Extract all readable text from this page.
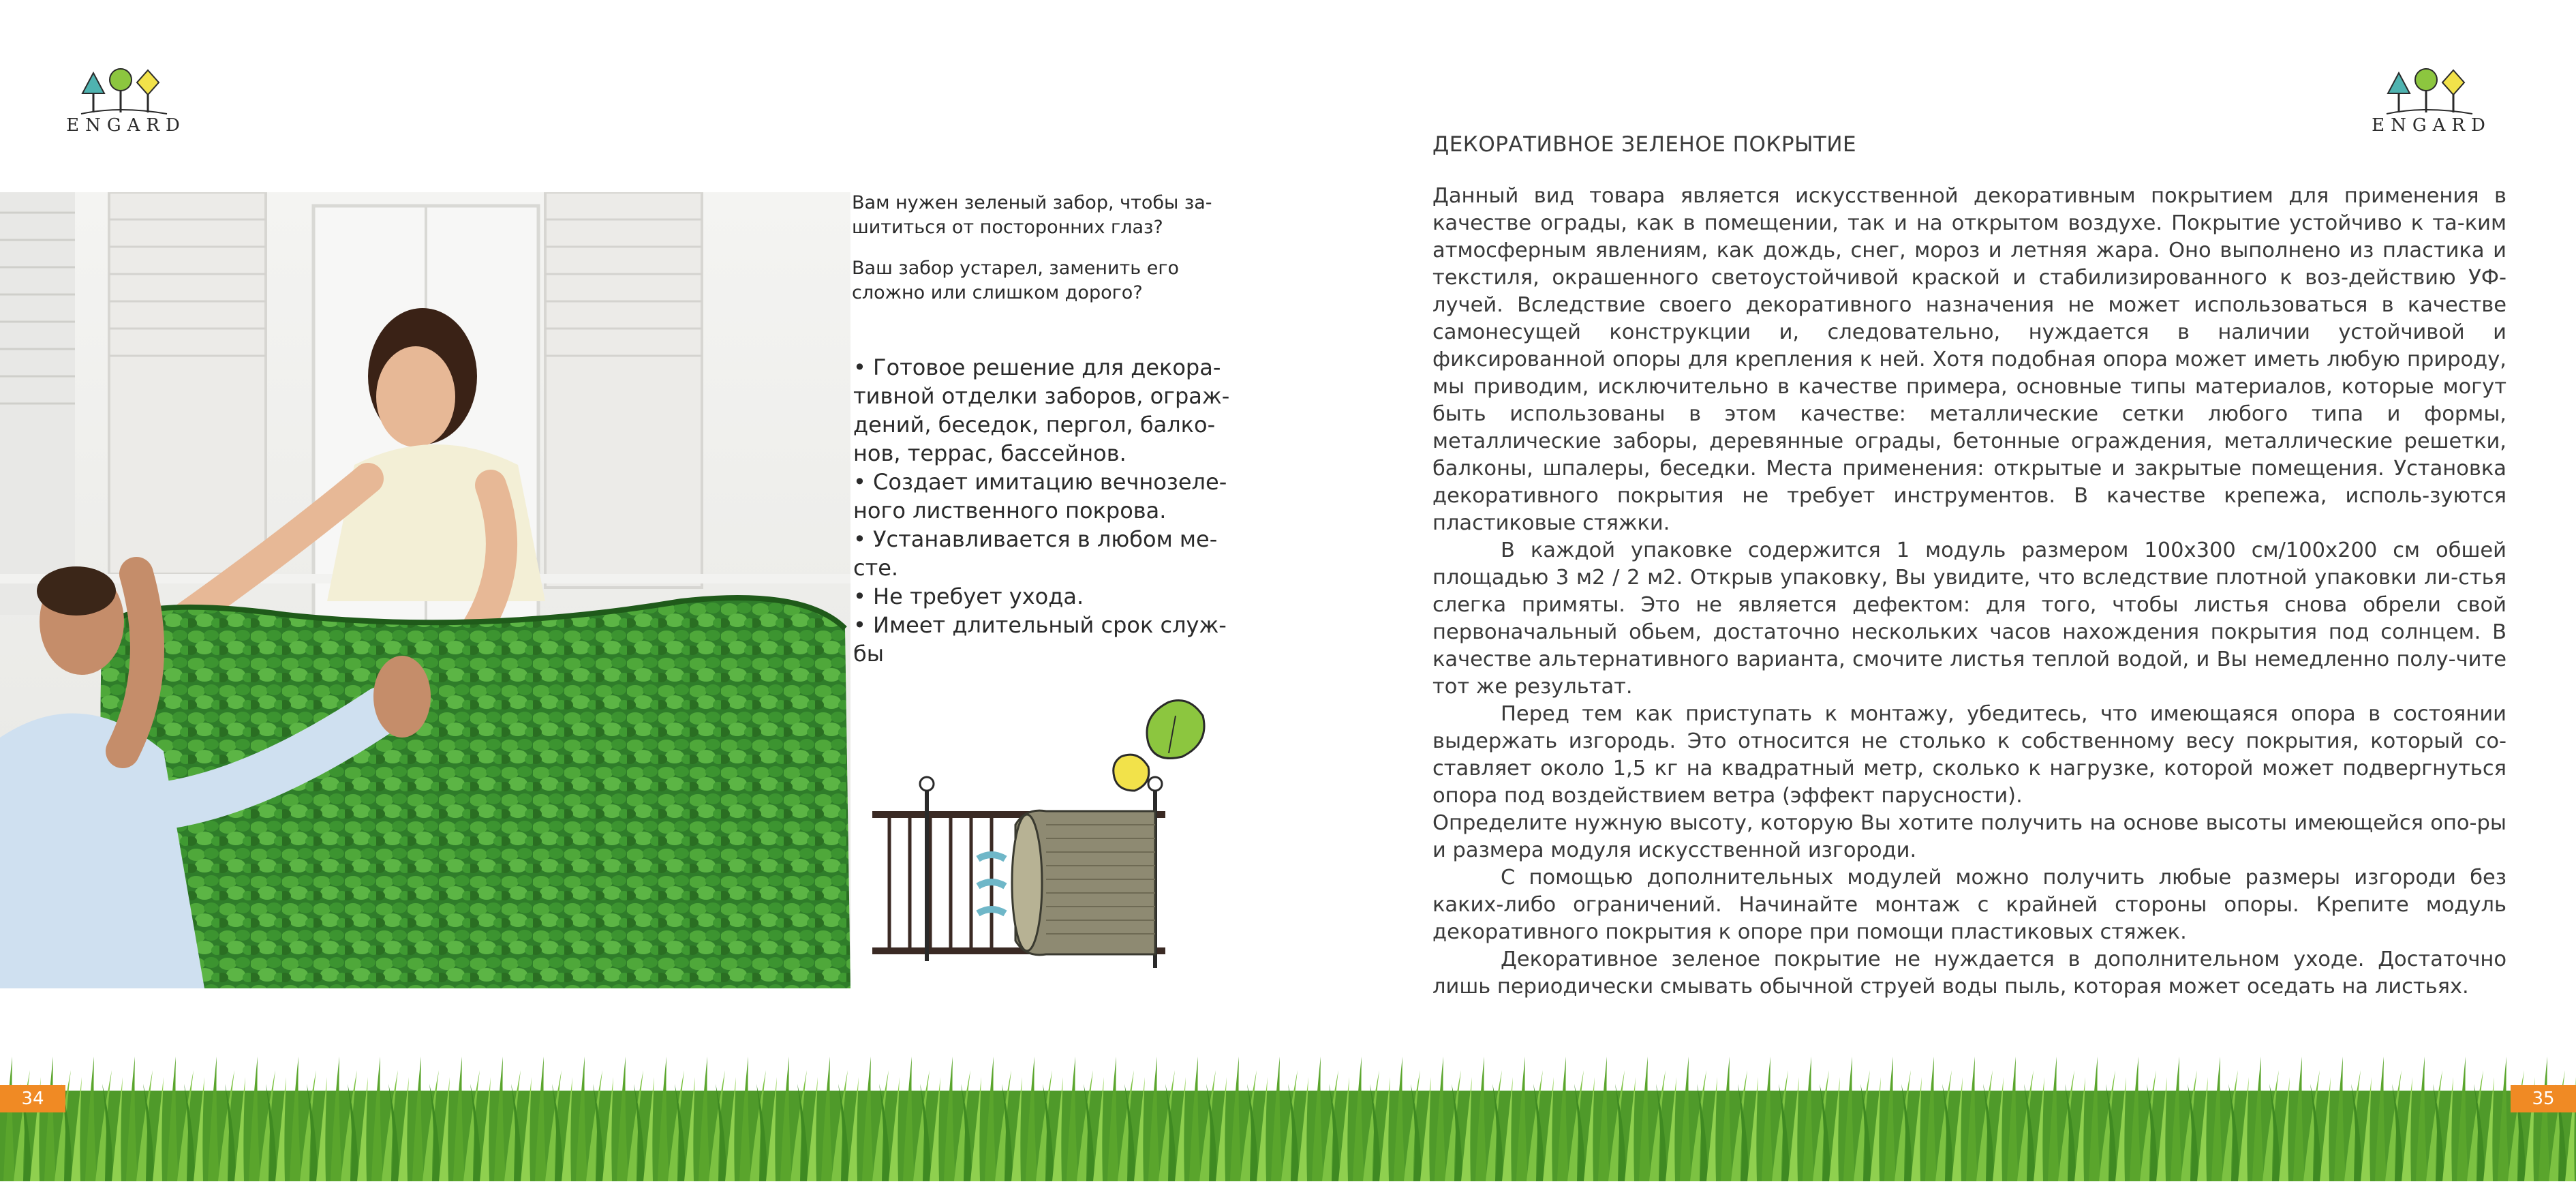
ENGARD	ENGARD
Вам нужен зеленый забор, чтобы за-шититься от посторонних глаз?
Ваш забор устарел, заменить его сложно или слишком дорого?
• Готовое решение для декора-тивной отделки заборов, ограж-дений, беседок, пергол, балко-нов, террас, бассейнов.
• Создает имитацию вечнозеле-ного лиственного покрова.
• Устанавливается в любом ме-сте.
• Не требует ухода.
• Имеет длительный срок служ-бы
ДЕКОРАТИВНОЕ ЗЕЛЕНОЕ ПОКРЫТИЕ

Данный вид товара является искусственной декоративным покрытием для применения в качестве ограды, как в помещении, так и на открытом воздухе. Покрытие устойчиво к та-ким атмосферным явлениям, как дождь, снег, мороз и летняя жара. Оно выполнено из пластика и текстиля, окрашенного светоустойчивой краской и стабилизированного к воз-действию УФ-лучей. Вследствие своего декоративного назначения не может использоваться в качестве самонесущей конструкции и, следовательно, нуждается в наличии устойчивой и фиксированной опоры для крепления к ней. Хотя подобная опора может иметь любую природу, мы приводим, исключительно в качестве примера, основные типы материалов, которые могут быть использованы в этом качестве: металлические сетки любого типа и формы, металлические заборы, деревянные ограды, бетонные ограждения, металлические решетки, балконы, шпалеры, беседки. Места применения: открытые и закрытые помещения. Установка декоративного покрытия не требует инструментов. В качестве крепежа, исполь-зуются пластиковые стяжки.

В каждой упаковке содержится 1 модуль размером 100x300 см/100x200 см обшей площадью 3 м2 / 2 м2. Открыв упаковку, Вы увидите, что вследствие плотной упаковки ли-стья слегка примяты. Это не является дефектом: для того, чтобы листья снова обрели свой первоначальный обьем, достаточно нескольких часов нахождения покрытия под солнцем. В качестве альтернативного варианта, смочите листья теплой водой, и Вы немедленно полу-чите тот же результат.

Перед тем как приступать к монтажу, убедитесь, что имеющаяся опора в состоянии выдержать изгородь. Это относится не столько к собственному весу покрытия, который со-ставляет около 1,5 кг на квадратный метр, сколько к нагрузке, которой может подвергнуться опора под воздействием ветра (эффект парусности).

Определите нужную высоту, которую Вы хотите получить на основе высоты имеющейся опо-ры и размера модуля искусственной изгороди.

С помощью дополнительных модулей можно получить любые размеры изгороди без каких-либо ограничений. Начинайте монтаж с крайней стороны опоры. Крепите модуль декоративного покрытия к опоре при помощи пластиковых стяжек.

Декоративное зеленое покрытие не нуждается в дополнительном уходе. Достаточно лишь периодически смывать обычной струей воды пыль, которая может оседать на листьях.

34	35
